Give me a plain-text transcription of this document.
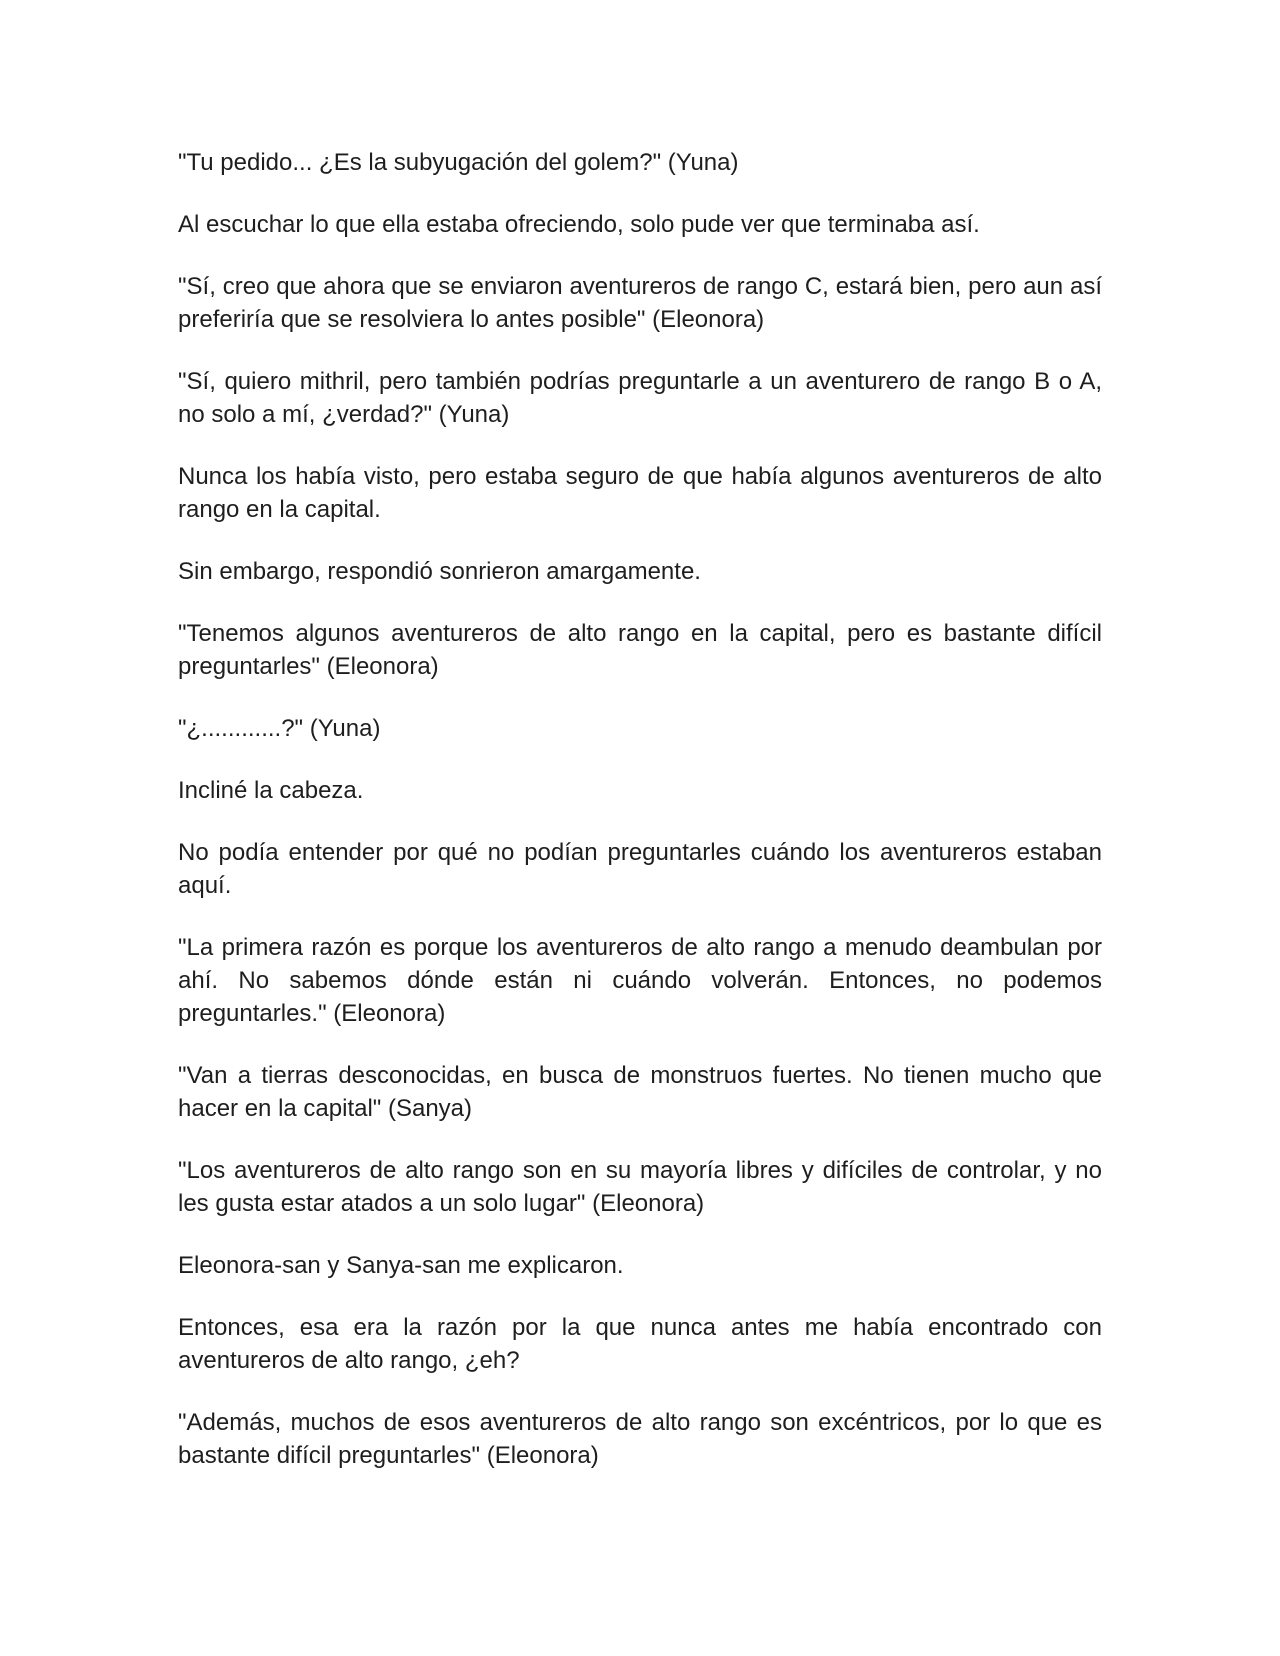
"Tu pedido... ¿Es la subyugación del golem?" (Yuna)

Al escuchar lo que ella estaba ofreciendo, solo pude ver que terminaba así.

"Sí, creo que ahora que se enviaron aventureros de rango C, estará bien, pero aun así preferiría que se resolviera lo antes posible" (Eleonora)

"Sí, quiero mithril, pero también podrías preguntarle a un aventurero de rango B o A, no solo a mí, ¿verdad?" (Yuna)

Nunca los había visto, pero estaba seguro de que había algunos aventureros de alto rango en la capital.

Sin embargo, respondió sonrieron amargamente.

"Tenemos algunos aventureros de alto rango en la capital, pero es bastante difícil preguntarles" (Eleonora)

"¿............?" (Yuna)

Incliné la cabeza.

No podía entender por qué no podían preguntarles cuándo los aventureros estaban aquí.

"La primera razón es porque los aventureros de alto rango a menudo deambulan por ahí. No sabemos dónde están ni cuándo volverán. Entonces, no podemos preguntarles." (Eleonora)

"Van a tierras desconocidas, en busca de monstruos fuertes. No tienen mucho que hacer en la capital" (Sanya)

"Los aventureros de alto rango son en su mayoría libres y difíciles de controlar, y no les gusta estar atados a un solo lugar" (Eleonora)

Eleonora-san y Sanya-san me explicaron.

Entonces, esa era la razón por la que nunca antes me había encontrado con aventureros de alto rango, ¿eh?

"Además, muchos de esos aventureros de alto rango son excéntricos, por lo que es bastante difícil preguntarles" (Eleonora)
